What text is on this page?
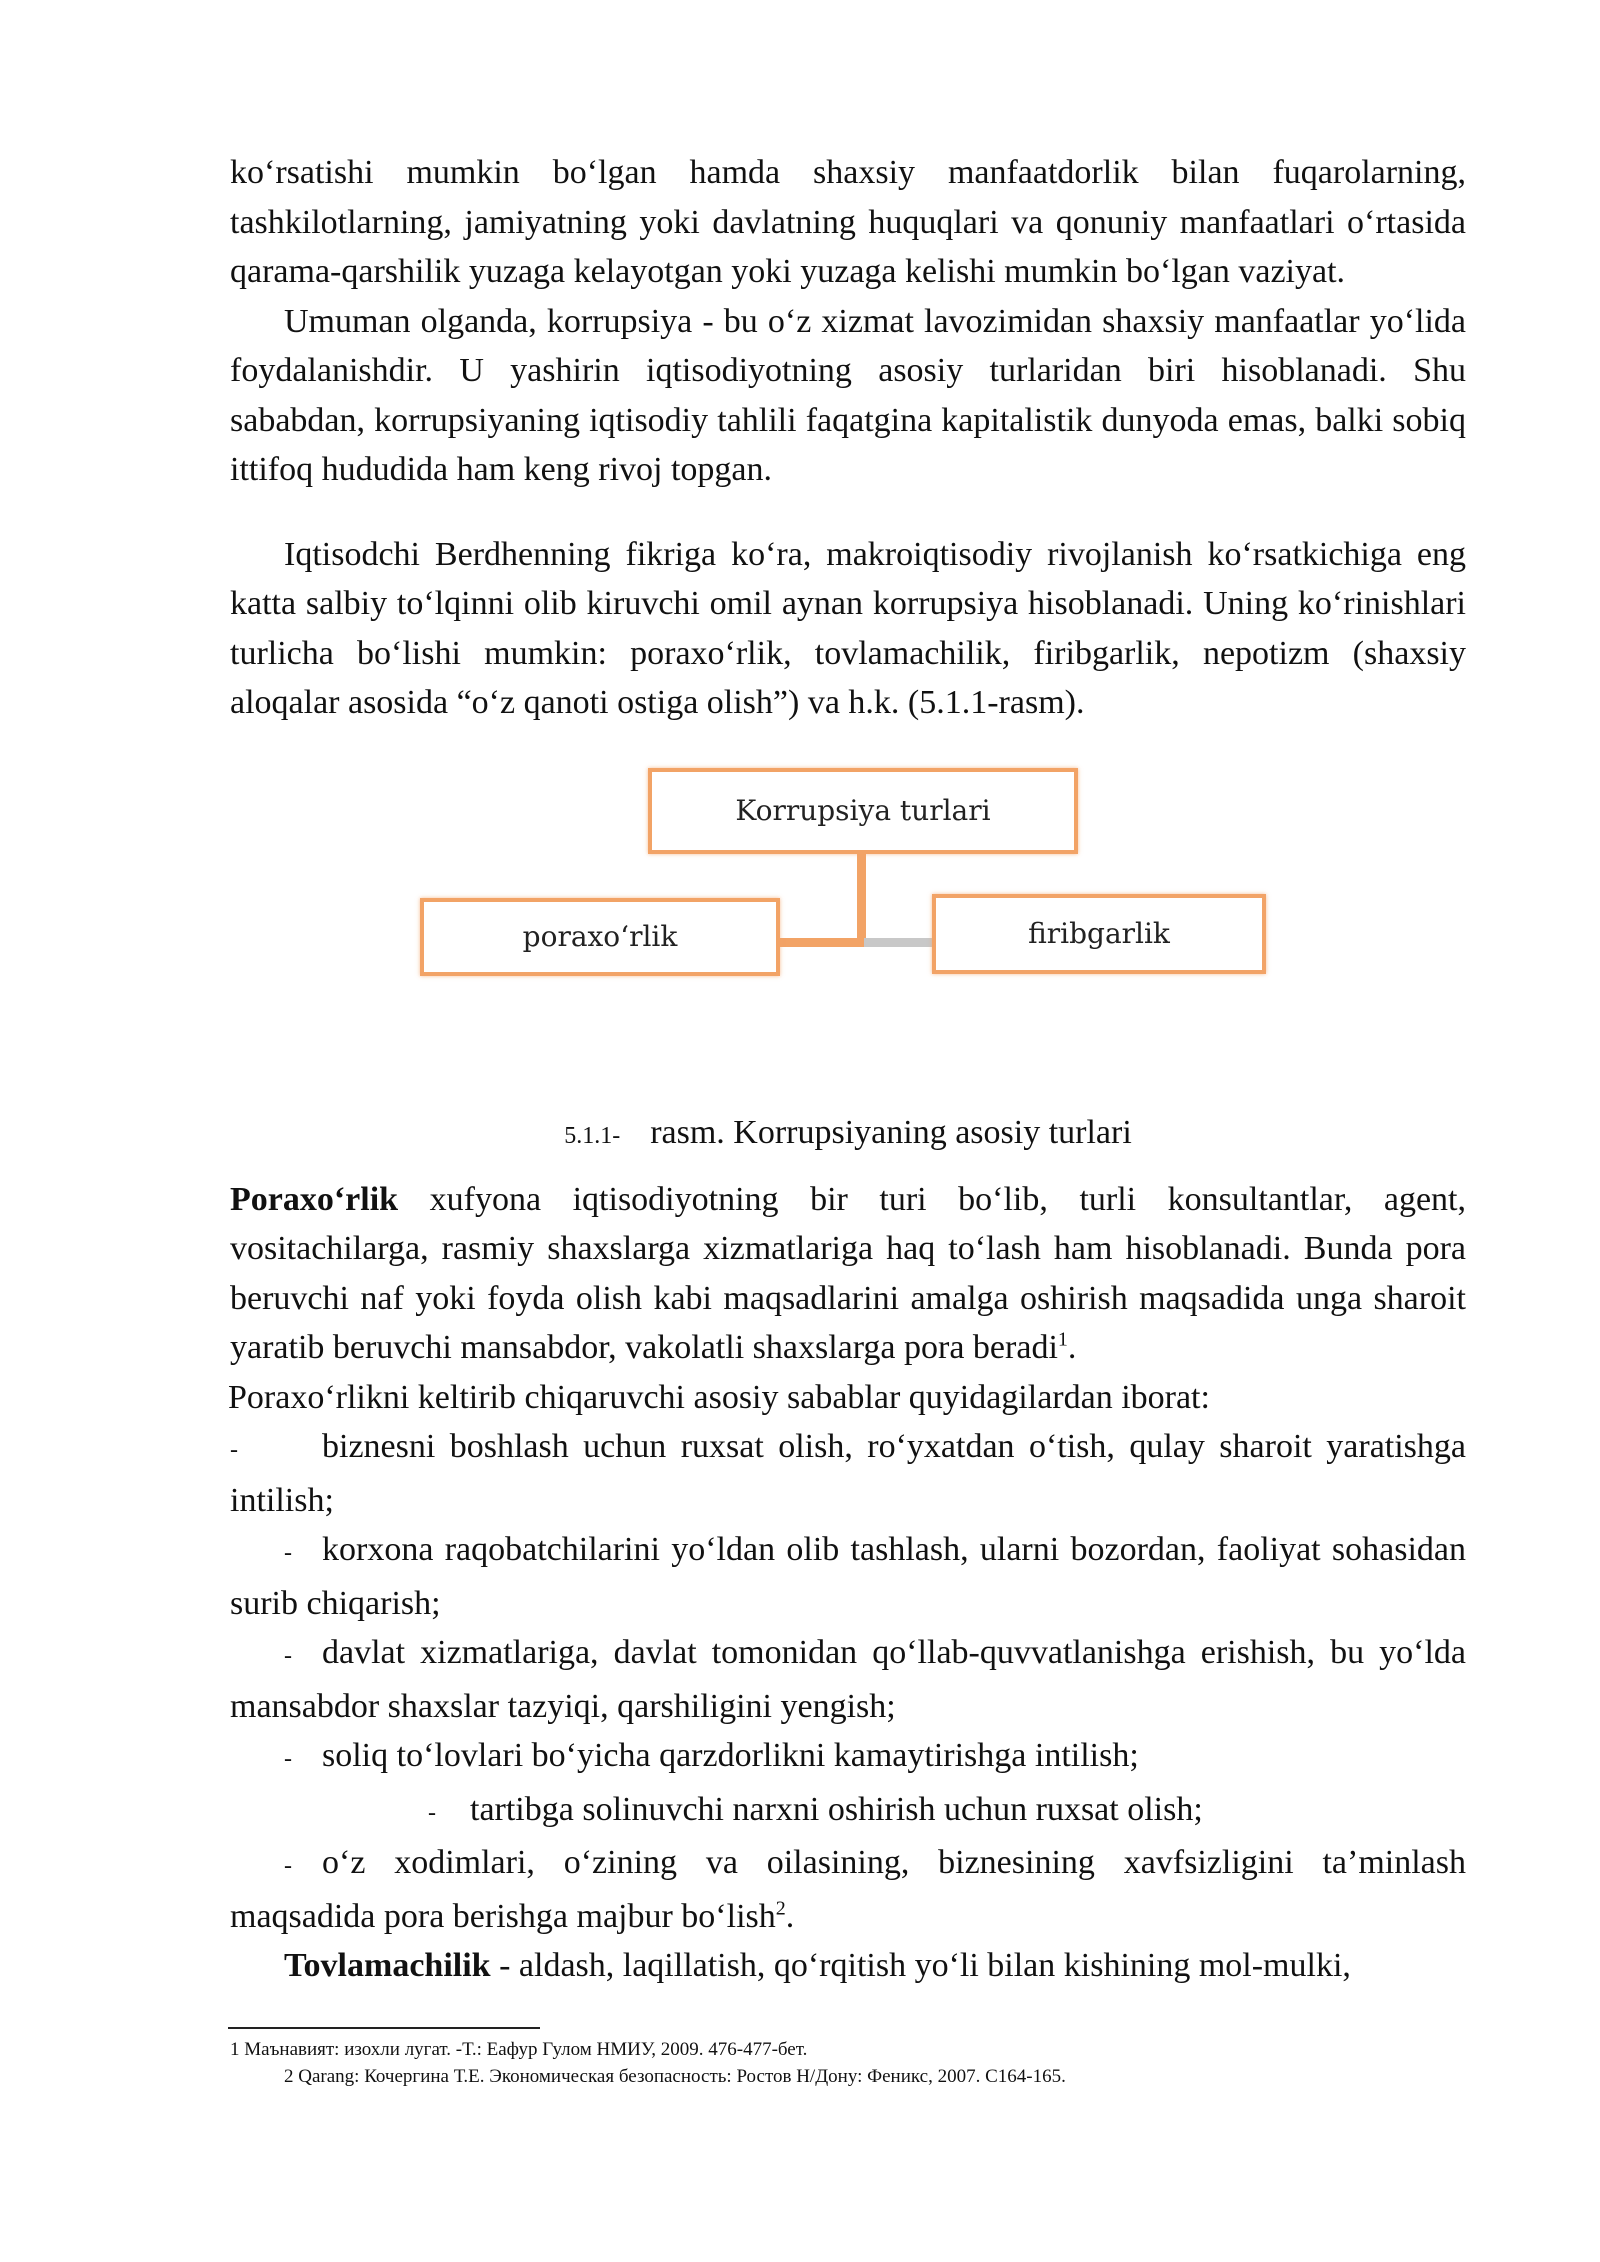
ko‘rsatishi mumkin bo‘lgan hamda shaxsiy manfaatdorlik bilan fuqarolarning, tashkilotlarning, jamiyatning yoki davlatning huquqlari va qonuniy manfaatlari o‘rtasida qarama-qarshilik yuzaga kelayotgan yoki yuzaga kelishi mumkin bo‘lgan vaziyat.

Umuman olganda, korrupsiya - bu o‘z xizmat lavozimidan shaxsiy manfaatlar yo‘lida foydalanishdir. U yashirin iqtisodiyotning asosiy turlaridan biri hisoblanadi. Shu sababdan, korrupsiyaning iqtisodiy tahlili faqatgina kapitalistik dunyoda emas, balki sobiq ittifoq hududida ham keng rivoj topgan.

Iqtisodchi Berdhenning fikriga ko‘ra, makroiqtisodiy rivojlanish ko‘rsatkichiga eng katta salbiy to‘lqinni olib kiruvchi omil aynan korrupsiya hisoblanadi. Uning ko‘rinishlari turlicha bo‘lishi mumkin: poraxo‘rlik, tovlamachilik, firibgarlik, nepotizm (shaxsiy aloqalar asosida “o‘z qanoti ostiga olish”) va h.k. (5.1.1-rasm).

Korrupsiya turlari
poraxo‘rlik	firibgarlik
5.1.1- rasm. Korrupsiyaning asosiy turlari

Poraxo‘rlik xufyona iqtisodiyotning bir turi bo‘lib, turli konsultantlar, agent, vositachilarga, rasmiy shaxslarga xizmatlariga haq to‘lash ham hisoblanadi. Bunda pora beruvchi naf yoki foyda olish kabi maqsadlarini amalga oshirish maqsadida unga sharoit yaratib beruvchi mansabdor, vakolatli shaxslarga pora beradi$^1$.

Poraxo‘rlikni keltirib chiqaruvchi asosiy sabablar quyidagilardan iborat:

- biznesni boshlash uchun ruxsat olish, ro‘yxatdan o‘tish, qulay sharoit yaratishga intilish;

- korxona raqobatchilarini yo‘ldan olib tashlash, ularni bozordan, faoliyat sohasidan surib chiqarish;

- davlat xizmatlariga, davlat tomonidan qo‘llab-quvvatlanishga erishish, bu yo‘lda mansabdor shaxslar tazyiqi, qarshiligini yengish;

- soliq to‘lovlari bo‘yicha qarzdorlikni kamaytirishga intilish;

- tartibga solinuvchi narxni oshirish uchun ruxsat olish;

- o‘z xodimlari, o‘zining va oilasining, biznesining xavfsizligini ta’minlash maqsadida pora berishga majbur bo‘lish$^2$.

Tovlamachilik - aldash, laqillatish, qo‘rqitish yo‘li bilan kishining mol-mulki,

1 Маънавият: изохли лугат. -Т.: Еафур Гулом НМИУ, 2009. 476-477-бет.
2 Qarang: Кочергина Т.Е. Экономическая безопасность: Ростов Н/Дону: Феникс, 2007. С164-165.
